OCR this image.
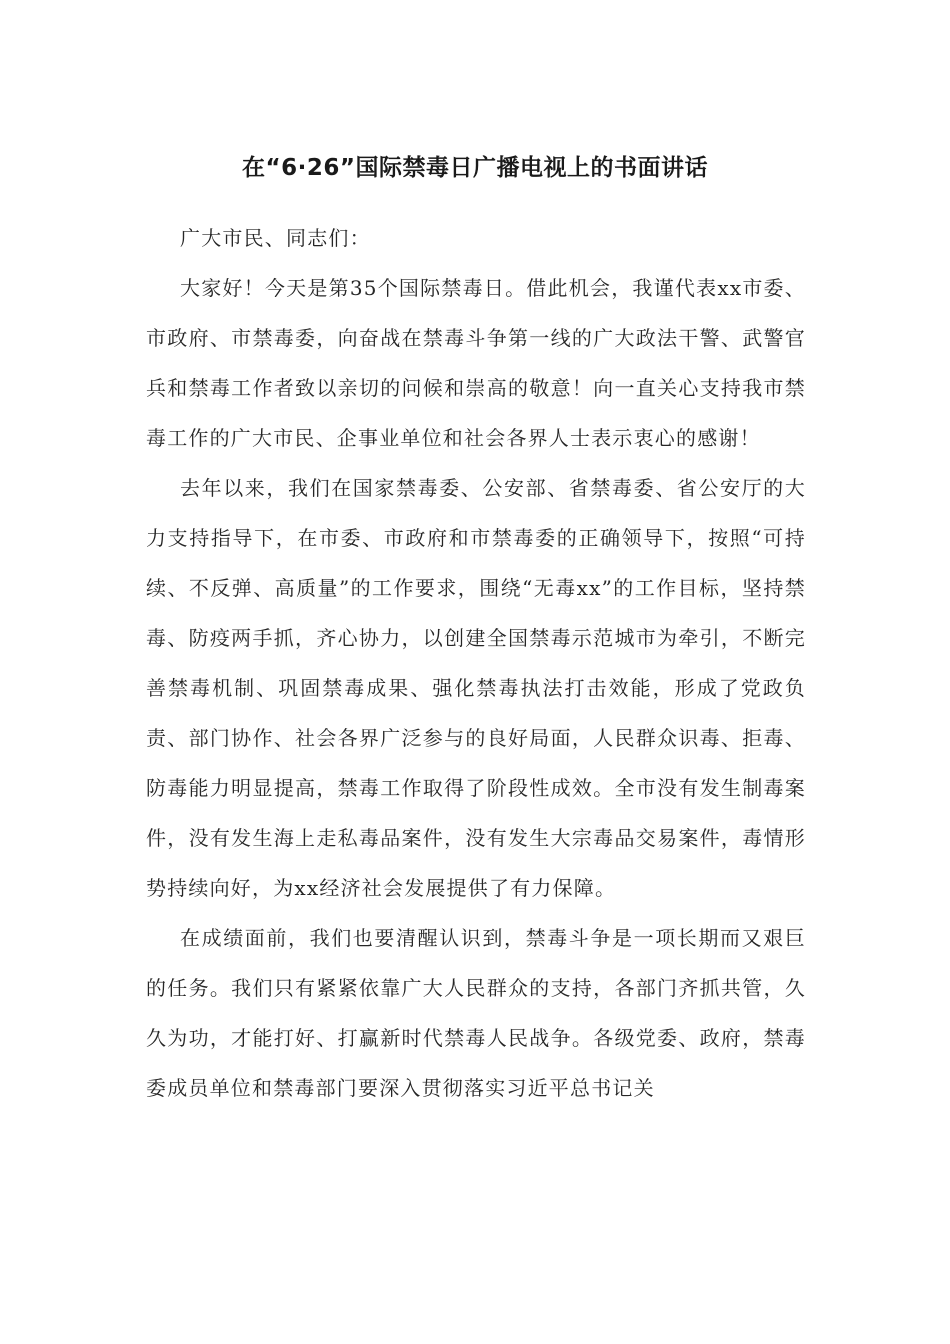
在“6·26”国际禁毒日广播电视上的书面讲话

广大市民、同志们：

大家好！今天是第35个国际禁毒日。借此机会，我谨代表xx市委、市政府、市禁毒委，向奋战在禁毒斗争第一线的广大政法干警、武警官兵和禁毒工作者致以亲切的问候和崇高的敬意！向一直关心支持我市禁毒工作的广大市民、企事业单位和社会各界人士表示衷心的感谢！

去年以来，我们在国家禁毒委、公安部、省禁毒委、省公安厅的大力支持指导下，在市委、市政府和市禁毒委的正确领导下，按照“可持续、不反弹、高质量”的工作要求，围绕“无毒xx”的工作目标，坚持禁毒、防疫两手抓，齐心协力，以创建全国禁毒示范城市为牵引，不断完善禁毒机制、巩固禁毒成果、强化禁毒执法打击效能，形成了党政负责、部门协作、社会各界广泛参与的良好局面，人民群众识毒、拒毒、防毒能力明显提高，禁毒工作取得了阶段性成效。全市没有发生制毒案件，没有发生海上走私毒品案件，没有发生大宗毒品交易案件，毒情形势持续向好，为xx经济社会发展提供了有力保障。

在成绩面前，我们也要清醒认识到，禁毒斗争是一项长期而又艰巨的任务。我们只有紧紧依靠广大人民群众的支持，各部门齐抓共管，久久为功，才能打好、打赢新时代禁毒人民战争。各级党委、政府，禁毒委成员单位和禁毒部门要深入贯彻落实习近平总书记关
